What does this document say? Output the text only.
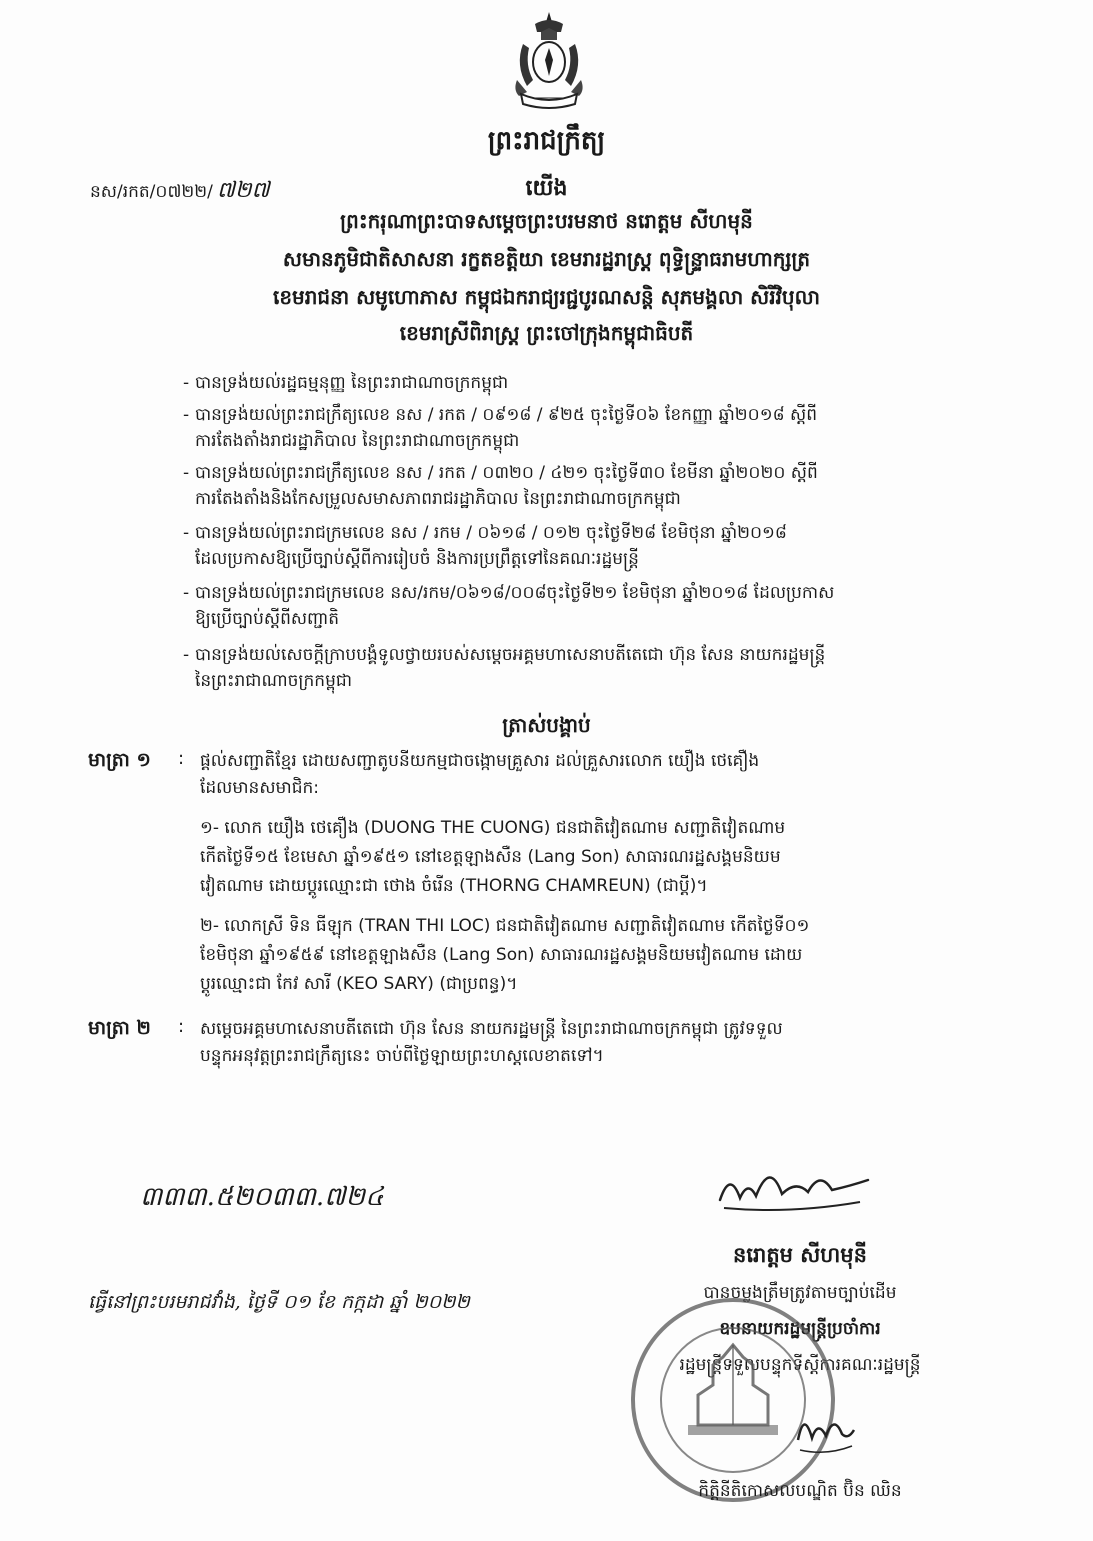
ព្រះរាជក្រឹត្យ
នស/រកត/០៧២២/ ៧២៧	យើង
ព្រះករុណាព្រះបាទសម្ដេចព្រះបរមនាថ នរោត្តម សីហមុនី
សមានភូមិជាតិសាសនា រក្ខតខត្តិយា ខេមរារដ្ឋរាស្ត្រ ពុទ្ធិន្ទ្រាធរាមហាក្សត្រ
ខេមរាជនា សមូហោភាស កម្ពុជឯករាជ្យរជ្ជបូរណសន្តិ សុភមង្គលា សិរីវិបុលា
ខេមរាស្រីពិរាស្ត្រ ព្រះចៅក្រុងកម្ពុជាធិបតី
- បានទ្រង់យល់រដ្ឋធម្មនុញ្ញ នៃព្រះរាជាណាចក្រកម្ពុជា
- បានទ្រង់យល់ព្រះរាជក្រឹត្យលេខ នស / រកត / ០៩១៨ / ៩២៥ ចុះថ្ងៃទី០៦ ខែកញ្ញា ឆ្នាំ២០១៨ ស្ដីពី
ការតែងតាំងរាជរដ្ឋាភិបាល នៃព្រះរាជាណាចក្រកម្ពុជា
- បានទ្រង់យល់ព្រះរាជក្រឹត្យលេខ នស / រកត / ០៣២០ / ៤២១ ចុះថ្ងៃទី៣០ ខែមីនា ឆ្នាំ២០២០ ស្ដីពី
ការតែងតាំងនិងកែសម្រួលសមាសភាពរាជរដ្ឋាភិបាល នៃព្រះរាជាណាចក្រកម្ពុជា
- បានទ្រង់យល់ព្រះរាជក្រមលេខ នស / រកម / ០៦១៨ / ០១២ ចុះថ្ងៃទី២៨ ខែមិថុនា ឆ្នាំ២០១៨
ដែលប្រកាសឱ្យប្រើច្បាប់ស្ដីពីការរៀបចំ និងការប្រព្រឹត្តទៅនៃគណៈរដ្ឋមន្ត្រី
- បានទ្រង់យល់ព្រះរាជក្រមលេខ នស/រកម/០៦១៨/០០៨ចុះថ្ងៃទី២១ ខែមិថុនា ឆ្នាំ២០១៨ ដែលប្រកាស
ឱ្យប្រើច្បាប់ស្ដីពីសញ្ជាតិ
- បានទ្រង់យល់សេចក្ដីក្រាបបង្គំទូលថ្វាយរបស់សម្ដេចអគ្គមហាសេនាបតីតេជោ ហ៊ុន សែន នាយករដ្ឋមន្ត្រី
នៃព្រះរាជាណាចក្រកម្ពុជា
ត្រាស់បង្គាប់
មាត្រា ១ : ផ្ដល់សញ្ជាតិខ្មែរ ដោយសញ្ជាតូបនីយកម្មជាចង្កោមគ្រួសារ ដល់គ្រួសារលោក យឿង ថេគឿង
ដែលមានសមាជិក:
១- លោក យឿង ថេគឿង (DUONG THE CUONG) ជនជាតិវៀតណាម សញ្ជាតិវៀតណាម
កើតថ្ងៃទី១៥ ខែមេសា ឆ្នាំ១៩៥១ នៅខេត្តឡាងសឺន (Lang Son) សាធារណរដ្ឋសង្គមនិយម
វៀតណាម ដោយប្ដូរឈ្មោះជា ថោង ចំរើន (THORNG CHAMREUN) (ជាប្ដី)។
២- លោកស្រី ទិន ធីឡុក (TRAN THI LOC) ជនជាតិវៀតណាម សញ្ជាតិវៀតណាម កើតថ្ងៃទី០១
ខែមិថុនា ឆ្នាំ១៩៥៩ នៅខេត្តឡាងសឺន (Lang Son) សាធារណរដ្ឋសង្គមនិយមវៀតណាម ដោយ
ប្ដូរឈ្មោះជា កែវ សារី (KEO SARY) (ជាប្រពន្ធ)។
មាត្រា ២ : សម្ដេចអគ្គមហាសេនាបតីតេជោ ហ៊ុន សែន នាយករដ្ឋមន្ត្រី នៃព្រះរាជាណាចក្រកម្ពុជា ត្រូវទទួល
បន្ទុកអនុវត្តព្រះរាជក្រឹត្យនេះ ចាប់ពីថ្ងៃឡាយព្រះហស្តលេខាតទៅ។
៣៣៣.៥២០៣៣.៧២៤
ធ្វើនៅព្រះបរមរាជវាំង, ថ្ងៃទី ០១ ខែ កក្កដា ឆ្នាំ ២០២២
នរោត្តម សីហមុនី
បានចម្លងត្រឹមត្រូវតាមច្បាប់ដើម
ឧបនាយករដ្ឋមន្ត្រីប្រចាំការ
រដ្ឋមន្ត្រីទទួលបន្ទុកទីស្ដីការគណៈរដ្ឋមន្ត្រី
កិត្តិនីតិកោសលបណ្ឌិត ប៊ិន ឈិន
